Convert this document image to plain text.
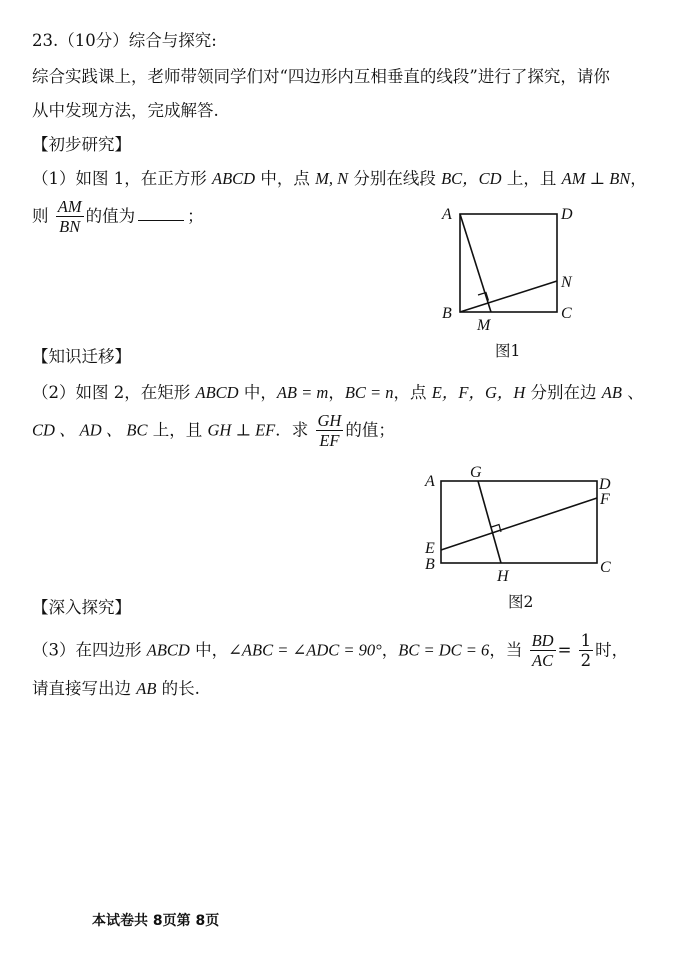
23.（10分）综合与探究:
综合实践课上，老师带领同学们对“四边形内互相垂直的线段”进行了探究，请你
从中发现方法，完成解答.
【初步研究】
（1）如图 1，在正方形 ABCD 中，点 M, N 分别在线段 BC，CD 上，且 AM ⊥ BN，
则 $\frac{AM}{BN}$ 的值为	；	A	D
B	C
M
N
图1
A
G
D
F
E
B
H
C
图2
【知识迁移】
（2）如图 2，在矩形 ABCD 中，AB = m，BC = n，点 E，F，G，H 分别在边 AB 、
CD 、 AD 、 BC 上，且 GH ⊥ EF．求 $\frac{GH}{EF}$ 的值；
【深入探究】
（3）在四边形 ABCD 中，∠ABC = ∠ADC = 90°，BC = DC = 6，当 $\frac{BD}{AC} = \frac{1}{2}$ 时，
请直接写出边 AB 的长.
本试卷共 8页第 8页
